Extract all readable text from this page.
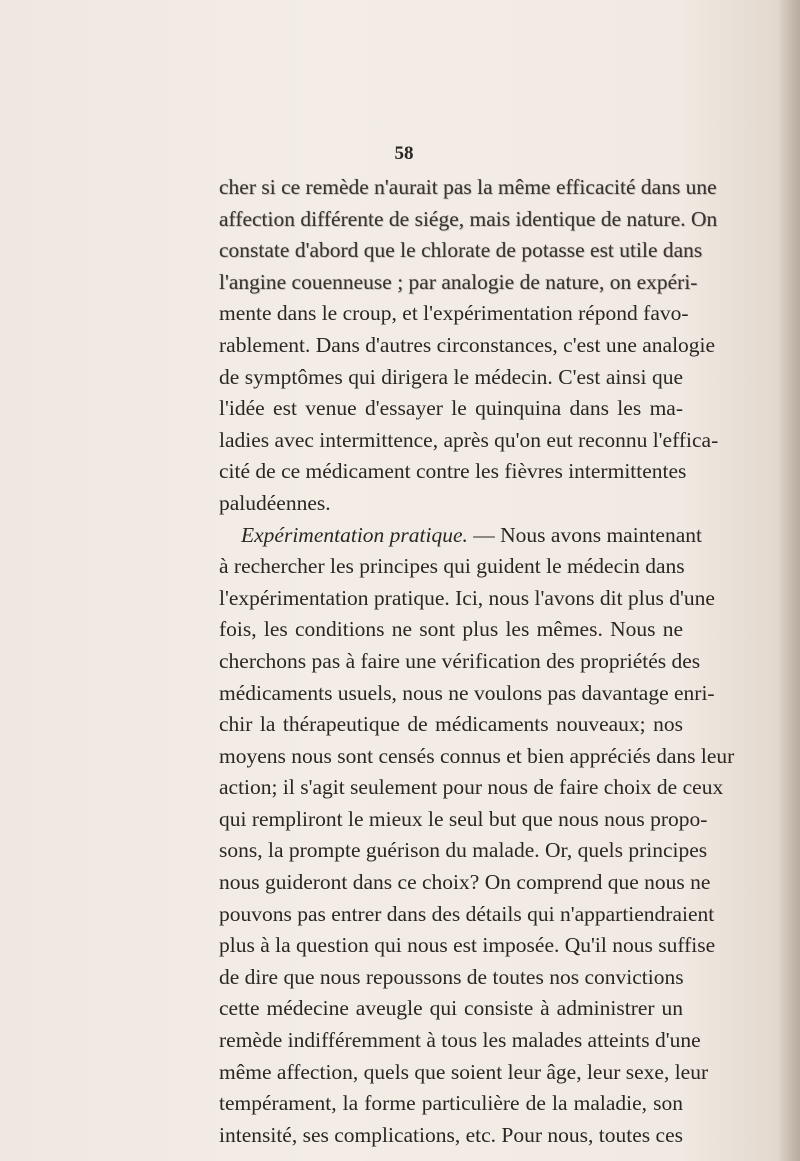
58

cher si ce remède n'aurait pas la même efficacité dans une
affection différente de siége, mais identique de nature. On
constate d'abord que le chlorate de potasse est utile dans
l'angine couenneuse ; par analogie de nature, on expéri-
mente dans le croup, et l'expérimentation répond favo-
rablement. Dans d'autres circonstances, c'est une analogie
de symptômes qui dirigera le médecin. C'est ainsi que
l'idée est venue d'essayer le quinquina dans les ma-
ladies avec intermittence, après qu'on eut reconnu l'effica-
cité de ce médicament contre les fièvres intermittentes
paludéennes.
Expérimentation pratique. — Nous avons maintenant
à rechercher les principes qui guident le médecin dans
l'expérimentation pratique. Ici, nous l'avons dit plus d'une
fois, les conditions ne sont plus les mêmes. Nous ne
cherchons pas à faire une vérification des propriétés des
médicaments usuels, nous ne voulons pas davantage enri-
chir la thérapeutique de médicaments nouveaux; nos
moyens nous sont censés connus et bien appréciés dans leur
action; il s'agit seulement pour nous de faire choix de ceux
qui rempliront le mieux le seul but que nous nous propo-
sons, la prompte guérison du malade. Or, quels principes
nous guideront dans ce choix? On comprend que nous ne
pouvons pas entrer dans des détails qui n'appartiendraient
plus à la question qui nous est imposée. Qu'il nous suffise
de dire que nous repoussons de toutes nos convictions
cette médecine aveugle qui consiste à administrer un
remède indifféremment à tous les malades atteints d'une
même affection, quels que soient leur âge, leur sexe, leur
tempérament, la forme particulière de la maladie, son
intensité, ses complications, etc. Pour nous, toutes ces
